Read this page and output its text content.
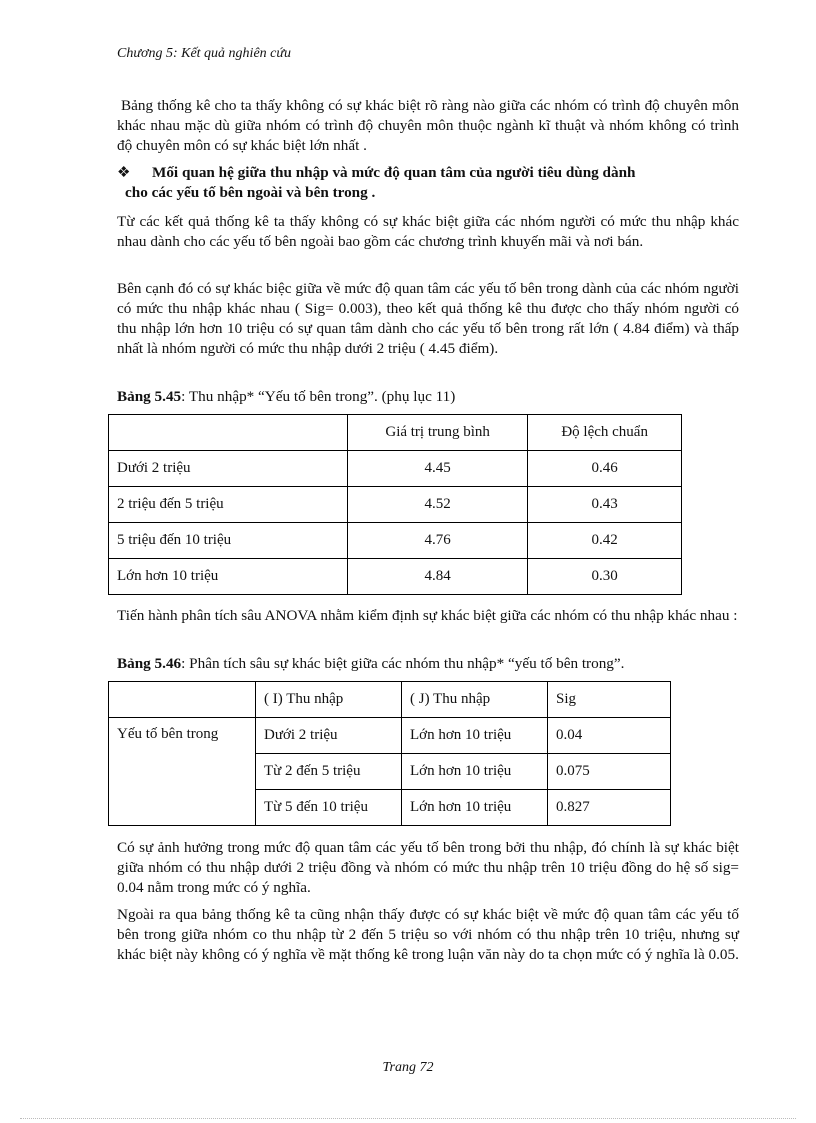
Chương 5: Kết quả nghiên cứu
Bảng thống kê cho ta thấy không có sự khác biệt rõ ràng nào giữa các nhóm có trình độ chuyên môn khác nhau mặc dù giữa nhóm có trình độ chuyên môn thuộc ngành kĩ thuật và nhóm không có trình độ chuyên môn có sự khác biệt lớn nhất .
❖	Mối quan hệ giữa thu nhập và mức độ quan tâm của người tiêu dùng dành
cho các yếu tố bên ngoài và bên trong .
Từ các kết quả thống kê ta thấy không có sự khác biệt giữa các nhóm người có mức thu nhập khác nhau dành cho các yếu tố bên ngoài bao gồm các chương trình khuyến mãi và nơi bán.
Bên cạnh đó có sự khác biệc giữa về mức độ quan tâm các yếu tố bên trong dành của các nhóm người có mức thu nhập khác nhau ( Sig= 0.003), theo kết quả thống kê thu được cho thấy nhóm người có thu nhập lớn hơn 10 triệu có sự quan tâm dành cho các yếu tố bên trong rất lớn ( 4.84 điểm) và thấp nhất là nhóm người có mức thu nhập dưới 2 triệu ( 4.45 điểm).
Bảng 5.45: Thu nhập* “Yếu tố bên trong”. (phụ lục 11)
	Giá trị trung bình	Độ lệch chuẩn
Dưới 2 triệu	4.45	0.46
2 triệu đến 5 triệu	4.52	0.43
5 triệu đến 10 triệu	4.76	0.42
Lớn hơn 10 triệu	4.84	0.30
Tiến hành phân tích sâu ANOVA nhằm kiểm định sự khác biệt giữa các nhóm có thu nhập khác nhau :
Bảng 5.46: Phân tích sâu sự khác biệt giữa các nhóm thu nhập* “yếu tố bên trong”.
	( I) Thu nhập	( J) Thu nhập	Sig
Yếu tố bên trong	Dưới 2 triệu	Lớn hơn 10 triệu	0.04
	Từ 2 đến 5 triệu	Lớn hơn 10 triệu	0.075
	Từ 5 đến 10 triệu	Lớn hơn 10 triệu	0.827
Có sự ảnh hưởng trong mức độ quan tâm các yếu tố bên trong bởi thu nhập, đó chính là sự khác biệt giữa nhóm có thu nhập dưới 2 triệu đồng và nhóm có mức thu nhập trên 10 triệu đồng do hệ số sig= 0.04 nằm trong mức có ý nghĩa.
Ngoài ra qua bảng thống kê ta cũng nhận thấy được có sự khác biệt về mức độ quan tâm các yếu tố bên trong giữa nhóm co thu nhập từ 2 đến 5 triệu so với nhóm có thu nhập trên 10 triệu, nhưng sự khác biệt này không có ý nghĩa về mặt thống kê trong luận văn này do ta chọn mức có ý nghĩa là 0.05.
Trang 72
